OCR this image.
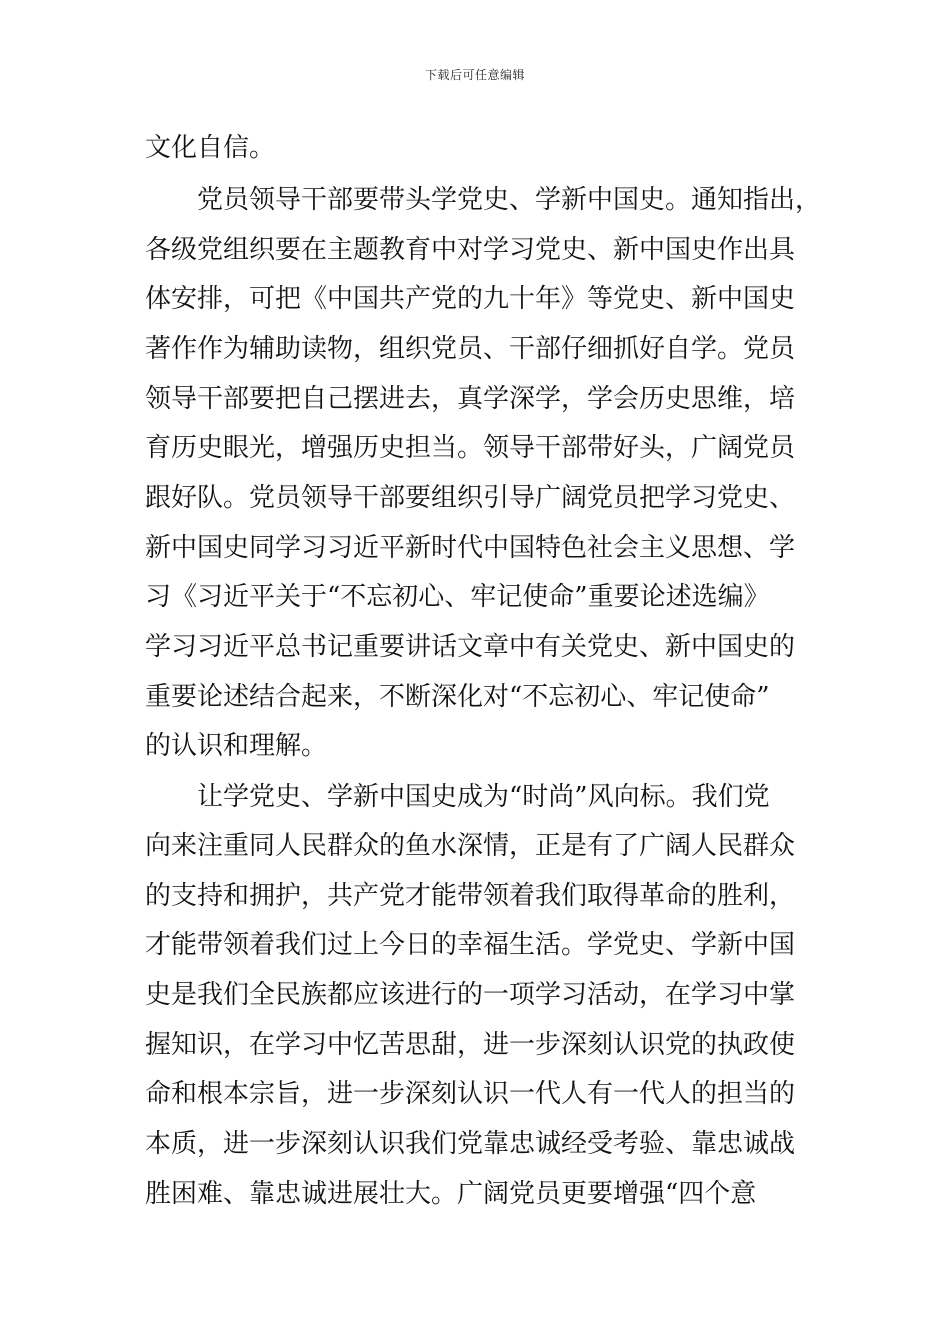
下载后可任意编辑
文化自信。
党员领导干部要带头学党史、学新中国史。通知指出，
各级党组织要在主题教育中对学习党史、新中国史作出具
体安排，可把《中国共产党的九十年》等党史、新中国史
著作作为辅助读物，组织党员、干部仔细抓好自学。党员
领导干部要把自己摆进去，真学深学，学会历史思维，培
育历史眼光，增强历史担当。领导干部带好头，广阔党员
跟好队。党员领导干部要组织引导广阔党员把学习党史、
新中国史同学习习近平新时代中国特色社会主义思想、学
习《习近平关于“不忘初心、牢记使命”重要论述选编》
学习习近平总书记重要讲话文章中有关党史、新中国史的
重要论述结合起来，不断深化对“不忘初心、牢记使命”
的认识和理解。
让学党史、学新中国史成为“时尚”风向标。我们党
向来注重同人民群众的鱼水深情，正是有了广阔人民群众
的支持和拥护，共产党才能带领着我们取得革命的胜利，
才能带领着我们过上今日的幸福生活。学党史、学新中国
史是我们全民族都应该进行的一项学习活动，在学习中掌
握知识，在学习中忆苦思甜，进一步深刻认识党的执政使
命和根本宗旨，进一步深刻认识一代人有一代人的担当的
本质，进一步深刻认识我们党靠忠诚经受考验、靠忠诚战
胜困难、靠忠诚进展壮大。广阔党员更要增强“四个意
